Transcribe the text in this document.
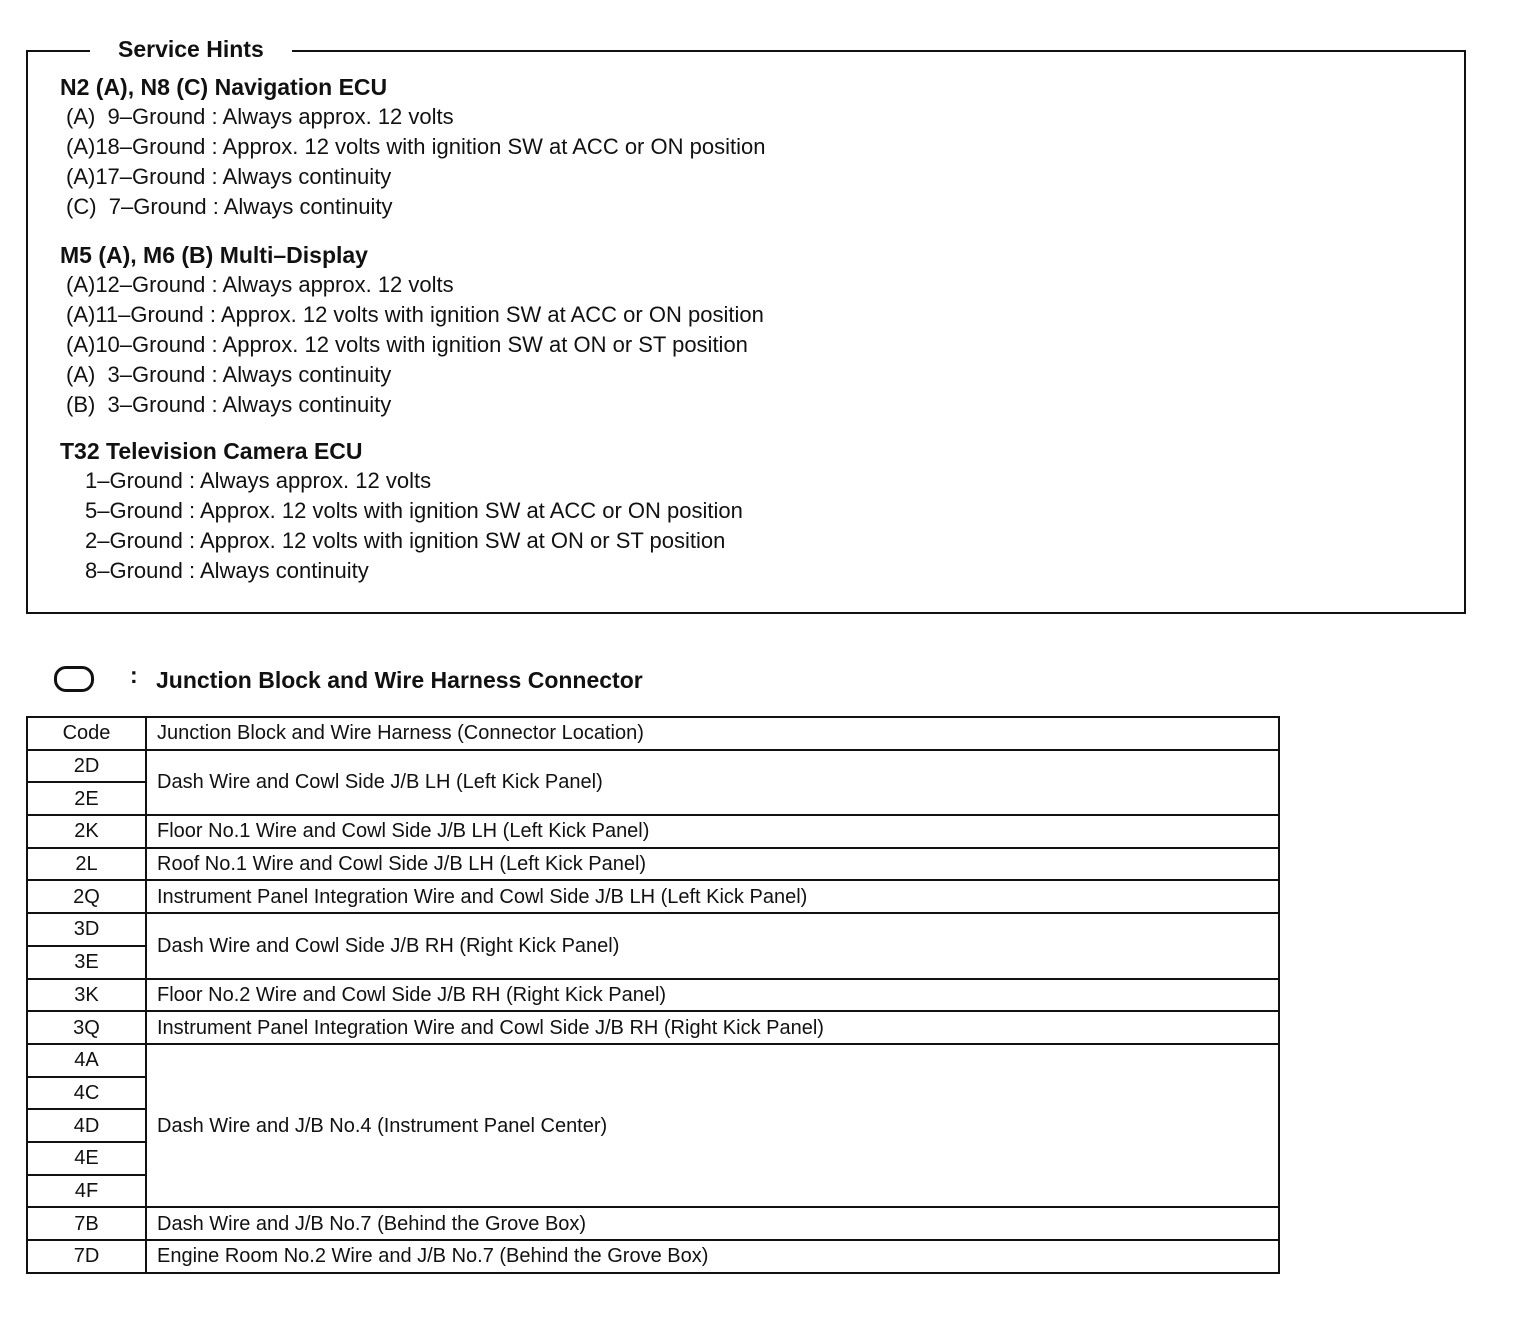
Service Hints
N2 (A), N8 (C) Navigation ECU
(A)  9–Ground : Always approx. 12 volts
(A)18–Ground : Approx. 12 volts with ignition SW at ACC or ON position
(A)17–Ground : Always continuity
(C)  7–Ground : Always continuity
M5 (A), M6 (B) Multi–Display
(A)12–Ground : Always approx. 12 volts
(A)11–Ground : Approx. 12 volts with ignition SW at ACC or ON position
(A)10–Ground : Approx. 12 volts with ignition SW at ON or ST position
(A)  3–Ground : Always continuity
(B)  3–Ground : Always continuity
T32 Television Camera ECU
1–Ground : Always approx. 12 volts
5–Ground : Approx. 12 volts with ignition SW at ACC or ON position
2–Ground : Approx. 12 volts with ignition SW at ON or ST position
8–Ground : Always continuity
: Junction Block and Wire Harness Connector
Code	Junction Block and Wire Harness (Connector Location)
2D	Dash Wire and Cowl Side J/B LH (Left Kick Panel)
2E	
2K	Floor No.1 Wire and Cowl Side J/B LH (Left Kick Panel)
2L	Roof No.1 Wire and Cowl Side J/B LH (Left Kick Panel)
2Q	Instrument Panel Integration Wire and Cowl Side J/B LH (Left Kick Panel)
3D	Dash Wire and Cowl Side J/B RH (Right Kick Panel)
3E	
3K	Floor No.2 Wire and Cowl Side J/B RH (Right Kick Panel)
3Q	Instrument Panel Integration Wire and Cowl Side J/B RH (Right Kick Panel)
4A	Dash Wire and J/B No.4 (Instrument Panel Center)
4C	
4D	
4E	
4F	
7B	Dash Wire and J/B No.7 (Behind the Grove Box)
7D	Engine Room No.2 Wire and J/B No.7 (Behind the Grove Box)
